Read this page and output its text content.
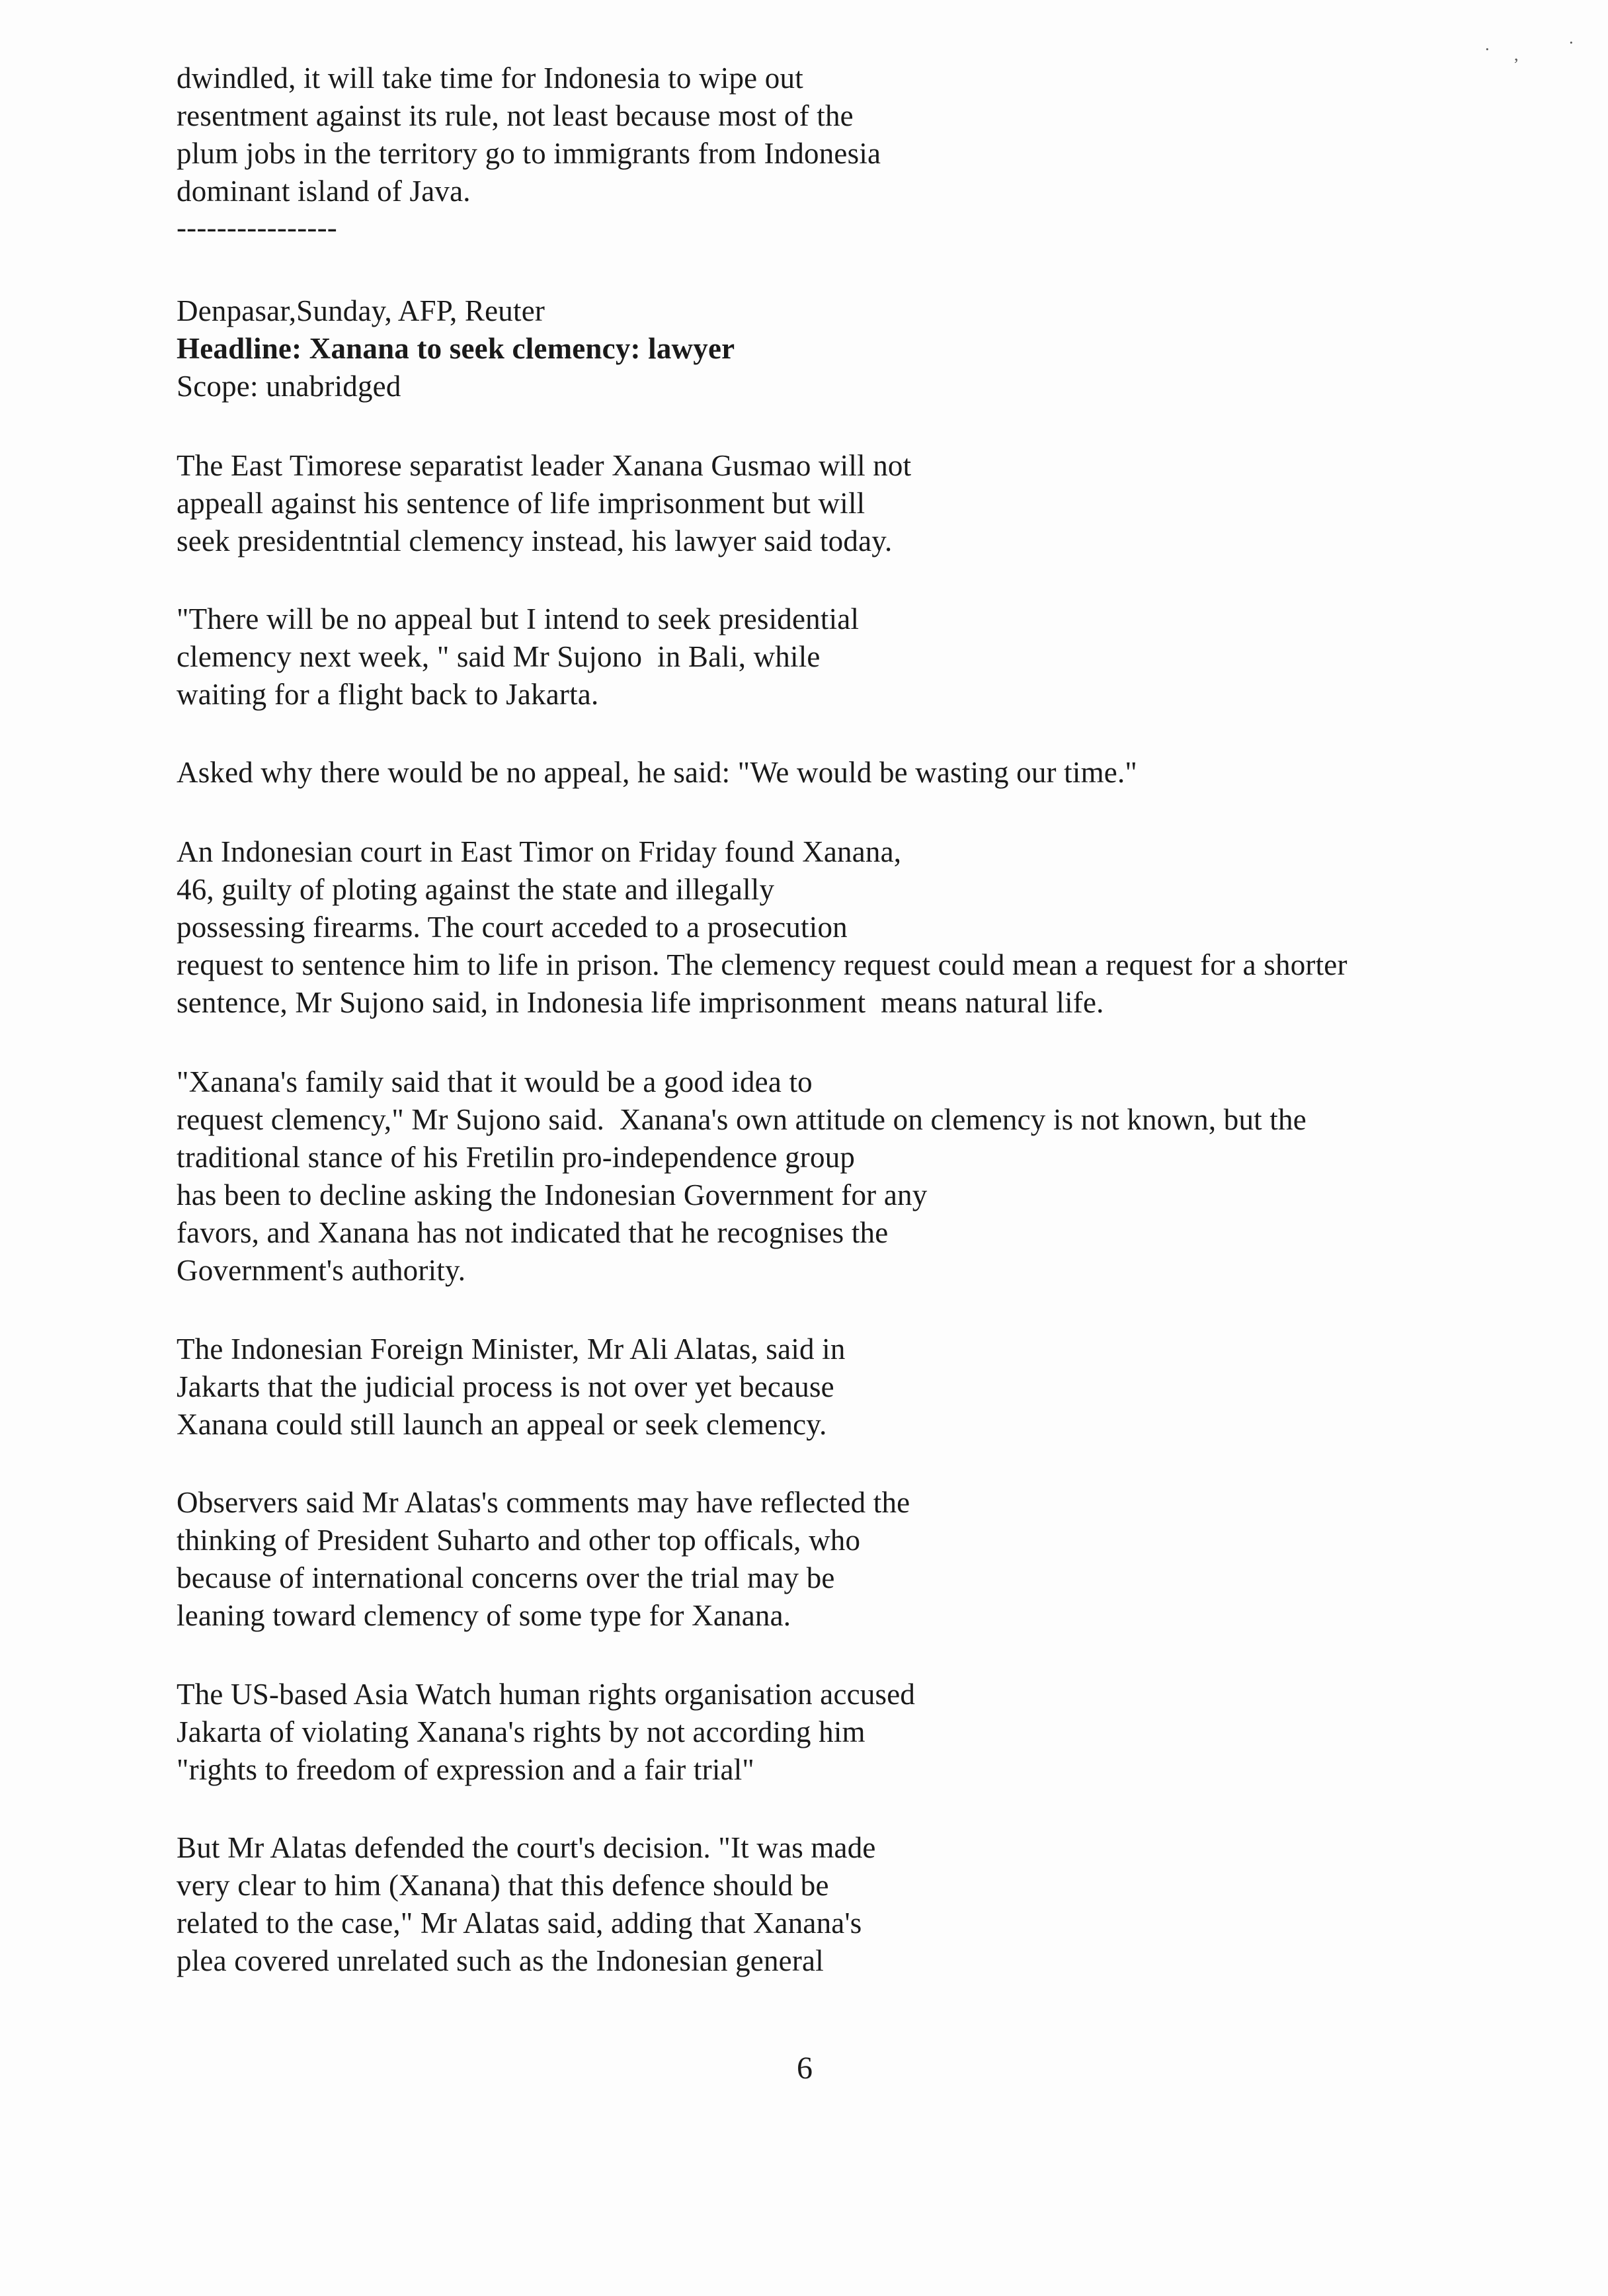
dwindled, it will take time for Indonesia to wipe out
resentment against its rule, not least because most of the
plum jobs in the territory go to immigrants from Indonesia
dominant island of Java.
----------------
Denpasar,Sunday, AFP, Reuter
Headline: Xanana to seek clemency: lawyer
Scope: unabridged
The East Timorese separatist leader Xanana Gusmao will not
appeall against his sentence of life imprisonment but will
seek presidentntial clemency instead, his lawyer said today.
"There will be no appeal but I intend to seek presidential
clemency next week, " said Mr Sujono  in Bali, while
waiting for a flight back to Jakarta.
Asked why there would be no appeal, he said: "We would be wasting our time."
An Indonesian court in East Timor on Friday found Xanana,
46, guilty of ploting against the state and illegally
possessing firearms. The court acceded to a prosecution
request to sentence him to life in prison. The clemency request could mean a request for a shorter
sentence, Mr Sujono said, in Indonesia life imprisonment  means natural life.
"Xanana's family said that it would be a good idea to
request clemency," Mr Sujono said.  Xanana's own attitude on clemency is not known, but the
traditional stance of his Fretilin pro-independence group
has been to decline asking the Indonesian Government for any
favors, and Xanana has not indicated that he recognises the
Government's authority.
The Indonesian Foreign Minister, Mr Ali Alatas, said in
Jakarts that the judicial process is not over yet because
Xanana could still launch an appeal or seek clemency.
Observers said Mr Alatas's comments may have reflected the
thinking of President Suharto and other top officals, who
because of international concerns over the trial may be
leaning toward clemency of some type for Xanana.
The US-based Asia Watch human rights organisation accused
Jakarta of violating Xanana's rights by not according him
"rights to freedom of expression and a fair trial"
But Mr Alatas defended the court's decision. "It was made
very clear to him (Xanana) that this defence should be
related to the case," Mr Alatas said, adding that Xanana's
plea covered unrelated such as the Indonesian general
6
· ,
·
